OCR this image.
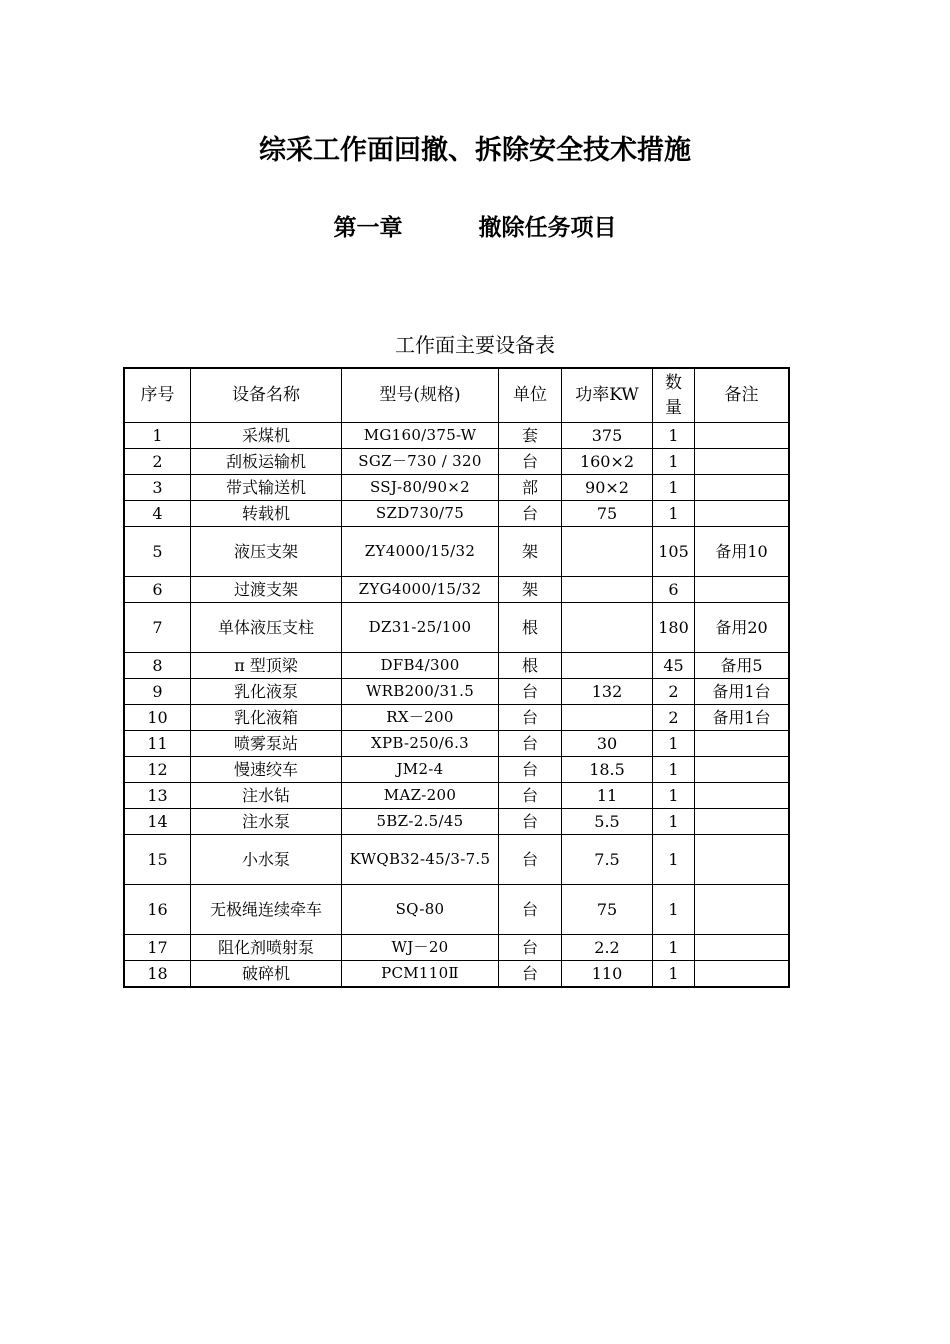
综采工作面回撤、拆除安全技术措施
第一章	撤除任务项目
工作面主要设备表
序号	设备名称	型号(规格)	单位	功率KW	数量	备注
1	采煤机	MG160/375-W	套	375	1	
2	刮板运输机	SGZ－730 / 320	台	160×2	1	
3	带式输送机	SSJ-80/90×2	部	90×2	1	
4	转载机	SZD730/75	台	75	1	
5	液压支架	ZY4000/15/32	架		105	备用10
6	过渡支架	ZYG4000/15/32	架		6	
7	单体液压支柱	DZ31-25/100	根		180	备用20
8	π 型顶梁	DFB4/300	根		45	备用5
9	乳化液泵	WRB200/31.5	台	132	2	备用1台
10	乳化液箱	RX－200	台		2	备用1台
11	喷雾泵站	XPB-250/6.3	台	30	1	
12	慢速绞车	JM2-4	台	18.5	1	
13	注水钻	MAZ-200	台	11	1	
14	注水泵	5BZ-2.5/45	台	5.5	1	
15	小水泵	KWQB32-45/3-7.5	台	7.5	1	
16	无极绳连续牵车	SQ-80	台	75	1	
17	阻化剂喷射泵	WJ－20	台	2.2	1	
18	破碎机	PCM110Ⅱ	台	110	1	
